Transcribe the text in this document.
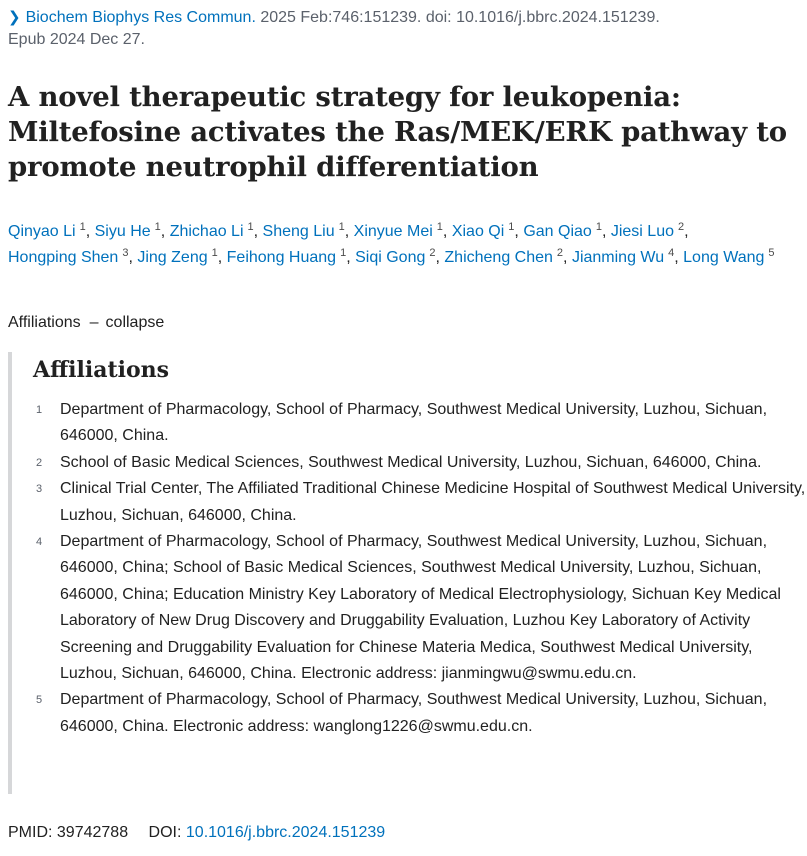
❯ Biochem Biophys Res Commun. 2025 Feb:746:151239. doi: 10.1016/j.bbrc.2024.151239.
Epub 2024 Dec 27.
A novel therapeutic strategy for leukopenia: Miltefosine activates the Ras/MEK/ERK pathway to promote neutrophil differentiation
Qinyao Li $^1$, Siyu He $^1$, Zhichao Li $^1$, Sheng Liu $^1$, Xinyue Mei $^1$, Xiao Qi $^1$, Gan Qiao $^1$, Jiesi Luo $^2$, Hongping Shen $^3$, Jing Zeng $^1$, Feihong Huang $^1$, Siqi Gong $^2$, Zhicheng Chen $^2$, Jianming Wu $^4$, Long Wang $^5$
Affiliations – collapse
Affiliations
1 Department of Pharmacology, School of Pharmacy, Southwest Medical University, Luzhou, Sichuan, 646000, China.
2 School of Basic Medical Sciences, Southwest Medical University, Luzhou, Sichuan, 646000, China.
3 Clinical Trial Center, The Affiliated Traditional Chinese Medicine Hospital of Southwest Medical University, Luzhou, Sichuan, 646000, China.
4 Department of Pharmacology, School of Pharmacy, Southwest Medical University, Luzhou, Sichuan, 646000, China; School of Basic Medical Sciences, Southwest Medical University, Luzhou, Sichuan, 646000, China; Education Ministry Key Laboratory of Medical Electrophysiology, Sichuan Key Medical Laboratory of New Drug Discovery and Druggability Evaluation, Luzhou Key Laboratory of Activity Screening and Druggability Evaluation for Chinese Materia Medica, Southwest Medical University, Luzhou, Sichuan, 646000, China. Electronic address: jianmingwu@swmu.edu.cn.
5 Department of Pharmacology, School of Pharmacy, Southwest Medical University, Luzhou, Sichuan, 646000, China. Electronic address: wanglong1226@swmu.edu.cn.
PMID: 39742788 DOI: 10.1016/j.bbrc.2024.151239
